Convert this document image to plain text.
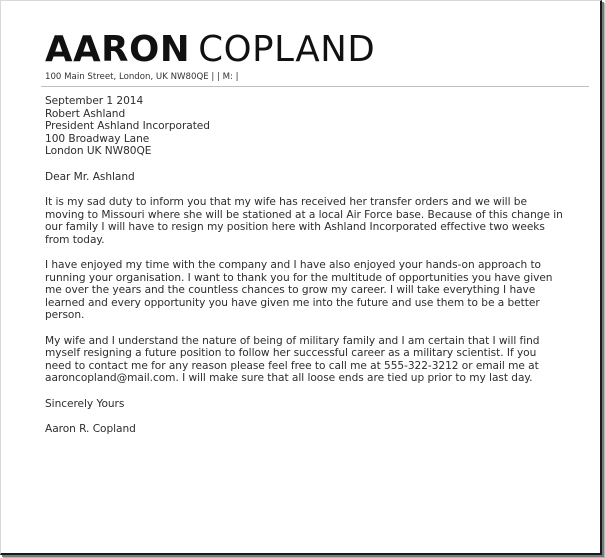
AARON COPLAND
100 Main Street, London, UK NW80QE | | M: |
September 1 2014
Robert Ashland
President Ashland Incorporated
100 Broadway Lane
London UK NW80QE
Dear Mr. Ashland

It is my sad duty to inform you that my wife has received her transfer orders and we will be moving to Missouri where she will be stationed at a local Air Force base. Because of this change in our family I will have to resign my position here with Ashland Incorporated effective two weeks from today.

I have enjoyed my time with the company and I have also enjoyed your hands-on approach to running your organisation. I want to thank you for the multitude of opportunities you have given me over the years and the countless chances to grow my career. I will take everything I have learned and every opportunity you have given me into the future and use them to be a better person.

My wife and I understand the nature of being of military family and I am certain that I will find myself resigning a future position to follow her successful career as a military scientist. If you need to contact me for any reason please feel free to call me at 555-322-3212 or email me at aaroncopland@mail.com. I will make sure that all loose ends are tied up prior to my last day.

Sincerely Yours
Aaron R. Copland
